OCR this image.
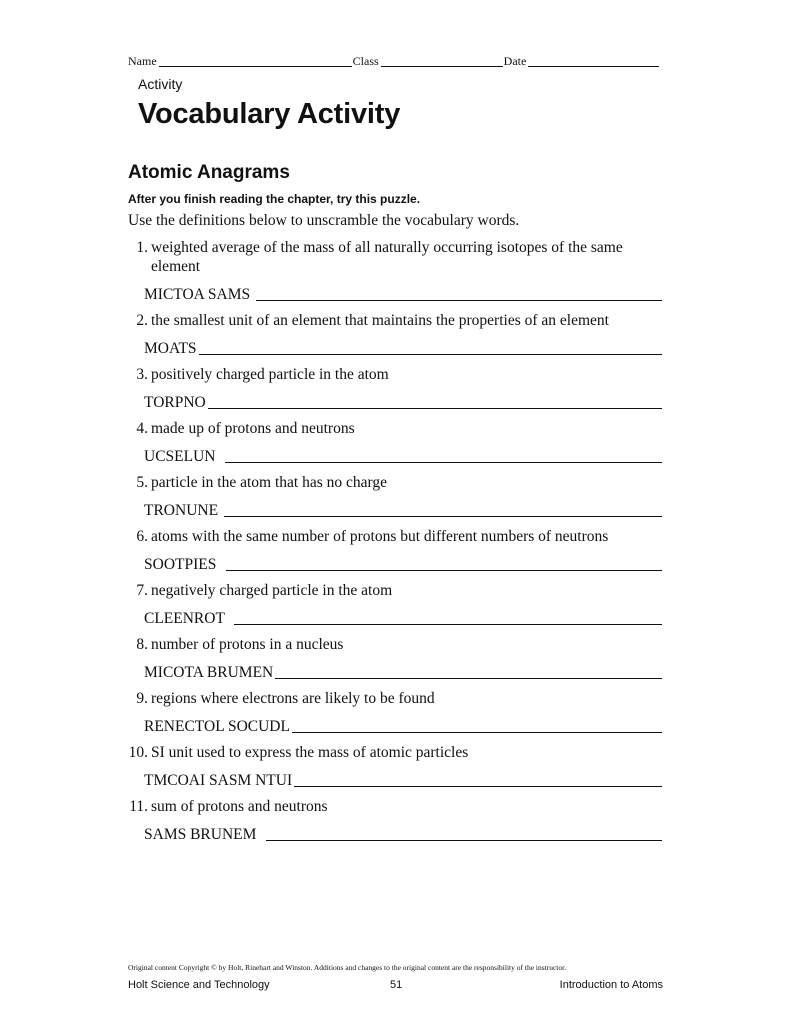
Name	Class	Date
Activity
Vocabulary Activity
Atomic Anagrams
After you finish reading the chapter, try this puzzle.
Use the definitions below to unscramble the vocabulary words.
1. weighted average of the mass of all naturally occurring isotopes of the same element
MICTOA SAMS
2. the smallest unit of an element that maintains the properties of an element
MOATS
3. positively charged particle in the atom
TORPNO
4. made up of protons and neutrons
UCSELUN
5. particle in the atom that has no charge
TRONUNE
6. atoms with the same number of protons but different numbers of neutrons
SOOTPIES
7. negatively charged particle in the atom
CLEENROT
8. number of protons in a nucleus
MICOTA BRUMEN
9. regions where electrons are likely to be found
RENECTOL SOCUDL
10. SI unit used to express the mass of atomic particles
TMCOAI SASM NTUI
11. sum of protons and neutrons
SAMS BRUNEM
Original content Copyright © by Holt, Rinehart and Winston. Additions and changes to the original content are the responsibility of the instructor.
Holt Science and Technology	51	Introduction to Atoms
